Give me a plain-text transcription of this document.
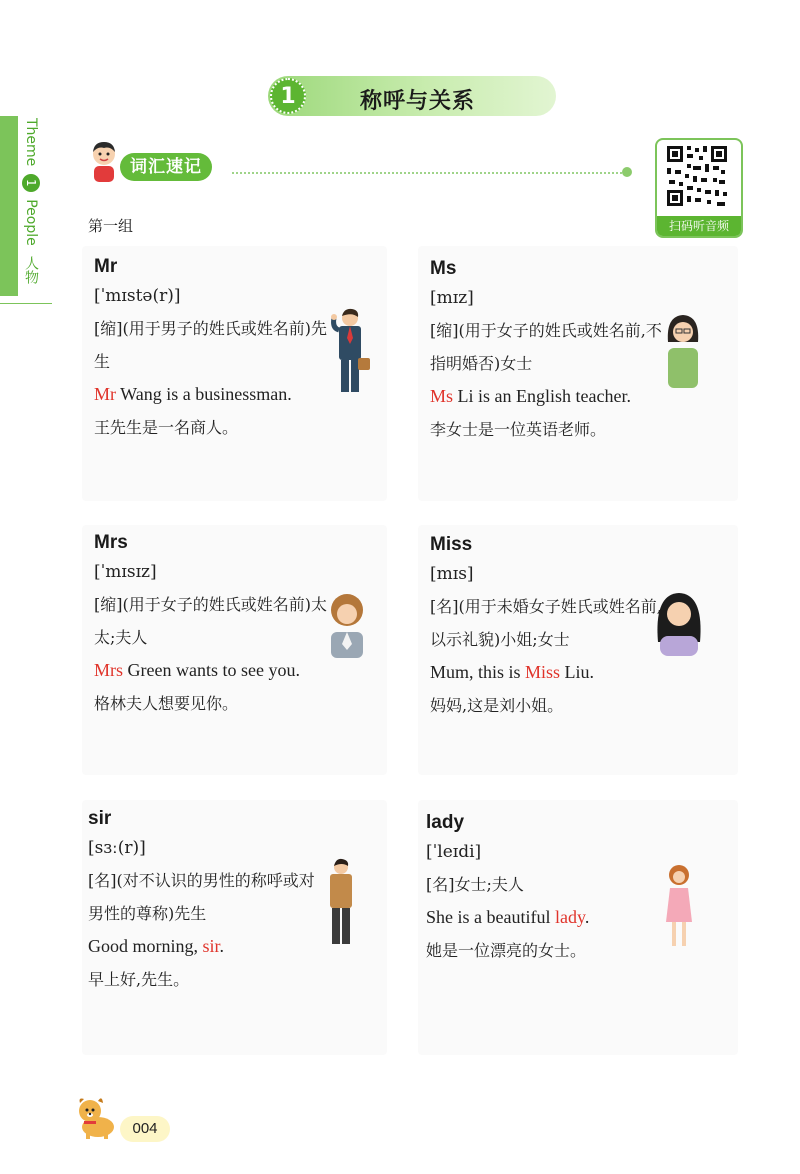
1	称呼与关系
Theme 1 People 人物
词汇速记
扫码听音频
第一组
Mr
[ˈmɪstə(r)]
[缩](用于男子的姓氏或姓名前)先生
Mr Wang is a businessman.
王先生是一名商人。
Ms
[mɪz]
[缩](用于女子的姓氏或姓名前,不指明婚否)女士
Ms Li is an English teacher.
李女士是一位英语老师。
Mrs
[ˈmɪsɪz]
[缩](用于女子的姓氏或姓名前)太太;夫人
Mrs Green wants to see you.
格林夫人想要见你。
Miss
[mɪs]
[名](用于未婚女子姓氏或姓名前,以示礼貌)小姐;女士
Mum, this is Miss Liu.
妈妈,这是刘小姐。
sir
[sɜː(r)]
[名](对不认识的男性的称呼或对男性的尊称)先生
Good morning, sir.
早上好,先生。
lady
[ˈleɪdi]
[名]女士;夫人
She is a beautiful lady.
她是一位漂亮的女士。
004
